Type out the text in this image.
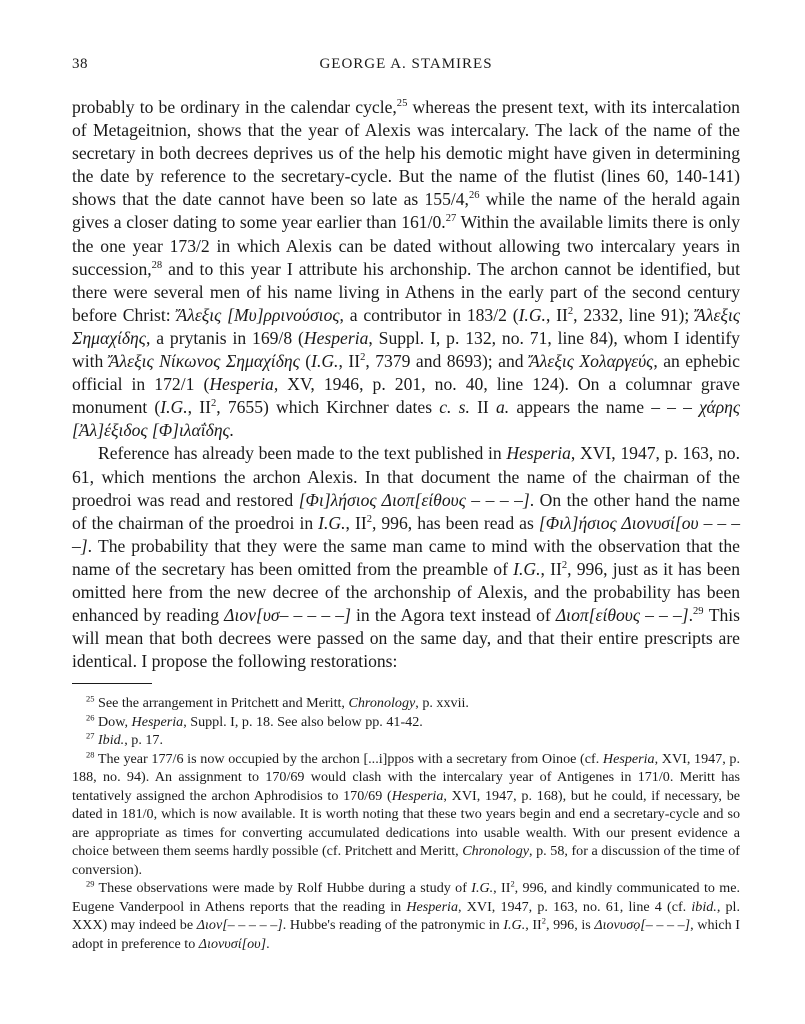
38	GEORGE A. STAMIRES

probably to be ordinary in the calendar cycle,$^{25}$ whereas the present text, with its intercalation of Metageitnion, shows that the year of Alexis was intercalary. The lack of the name of the secretary in both decrees deprives us of the help his demotic might have given in determining the date by reference to the secretary-cycle. But the name of the flutist (lines 60, 140-141) shows that the date cannot have been so late as 155/4,26 while the name of the herald again gives a closer dating to some year earlier than 161/0.27 Within the available limits there is only the one year 173/2 in which Alexis can be dated without allowing two intercalary years in succession,$^{28}$ and to this year I attribute his archonship. The archon cannot be identified, but there were several men of his name living in Athens in the early part of the second century before Christ: Ἄλεξις [Μυ]ρρινούσιος, a contributor in 183/2 (I.G., $II^2$, 2332, line 91); Ἄλεξις Σημαχίδης, a prytanis in 169/8 (Hesperia, Suppl. I, p. 132, no. 71, line 84), whom I identify with Ἄλεξις Νίκωνος Σημαχίδης (I.G., $II^2$, 7379 and 8693); and Ἄλεξις Χολαργεύς, an ephebic official in 172/1 (Hesperia, XV, 1946, p. 201, no. 40, line 124). On a columnar grave monument (I.G., $II^2$, 7655) which Kirchner dates c. s. II a. appears the name – – – χάρης [Ἀλ]έξιδος [Φ]ιλαΐδης.

Reference has already been made to the text published in Hesperia, XVI, 1947, p. 163, no. 61, which mentions the archon Alexis. In that document the name of the chairman of the proedroi was read and restored [Φι]λήσιος Διοπ[είθους – – – –]. On the other hand the name of the chairman of the proedroi in I.G., $II^2$, 996, has been read as [Φιλ]ήσιος Διονυσί[ου – – – –]. The probability that they were the same man came to mind with the observation that the name of the secretary has been omitted from the preamble of I.G., $II^2$, 996, just as it has been omitted here from the new decree of the archonship of Alexis, and the probability has been enhanced by reading Διον[υσ– – – – –] in the Agora text instead of Διοπ[είθους – – –].$^{29}$ This will mean that both decrees were passed on the same day, and that their entire prescripts are identical. I propose the following restorations:

$^{25}$ See the arrangement in Pritchett and Meritt, Chronology, p. xxvii.

$^{26}$ Dow, Hesperia, Suppl. I, p. 18. See also below pp. 41-42.

$^{27}$ Ibid., p. 17.

$^{28}$ The year 177/6 is now occupied by the archon [...i]ppos with a secretary from Oinoe (cf. Hesperia, XVI, 1947, p. 188, no. 94). An assignment to 170/69 would clash with the intercalary year of Antigenes in 171/0. Meritt has tentatively assigned the archon Aphrodisios to 170/69 (Hesperia, XVI, 1947, p. 168), but he could, if necessary, be dated in 181/0, which is now available. It is worth noting that these two years begin and end a secretary-cycle and so are appropriate as times for converting accumulated dedications into usable wealth. With our present evidence a choice between them seems hardly possible (cf. Pritchett and Meritt, Chronology, p. 58, for a discussion of the time of conversion).

$^{29}$ These observations were made by Rolf Hubbe during a study of I.G., $II^2$, 996, and kindly communicated to me. Eugene Vanderpool in Athens reports that the reading in Hesperia, XVI, 1947, p. 163, no. 61, line 4 (cf. ibid., pl. XXX) may indeed be Διον[– – – – –]. Hubbe's reading of the patronymic in I.G., $II^2$, 996, is Διονυσọ[– – – –], which I adopt in preference to Διονυσί[ου].
